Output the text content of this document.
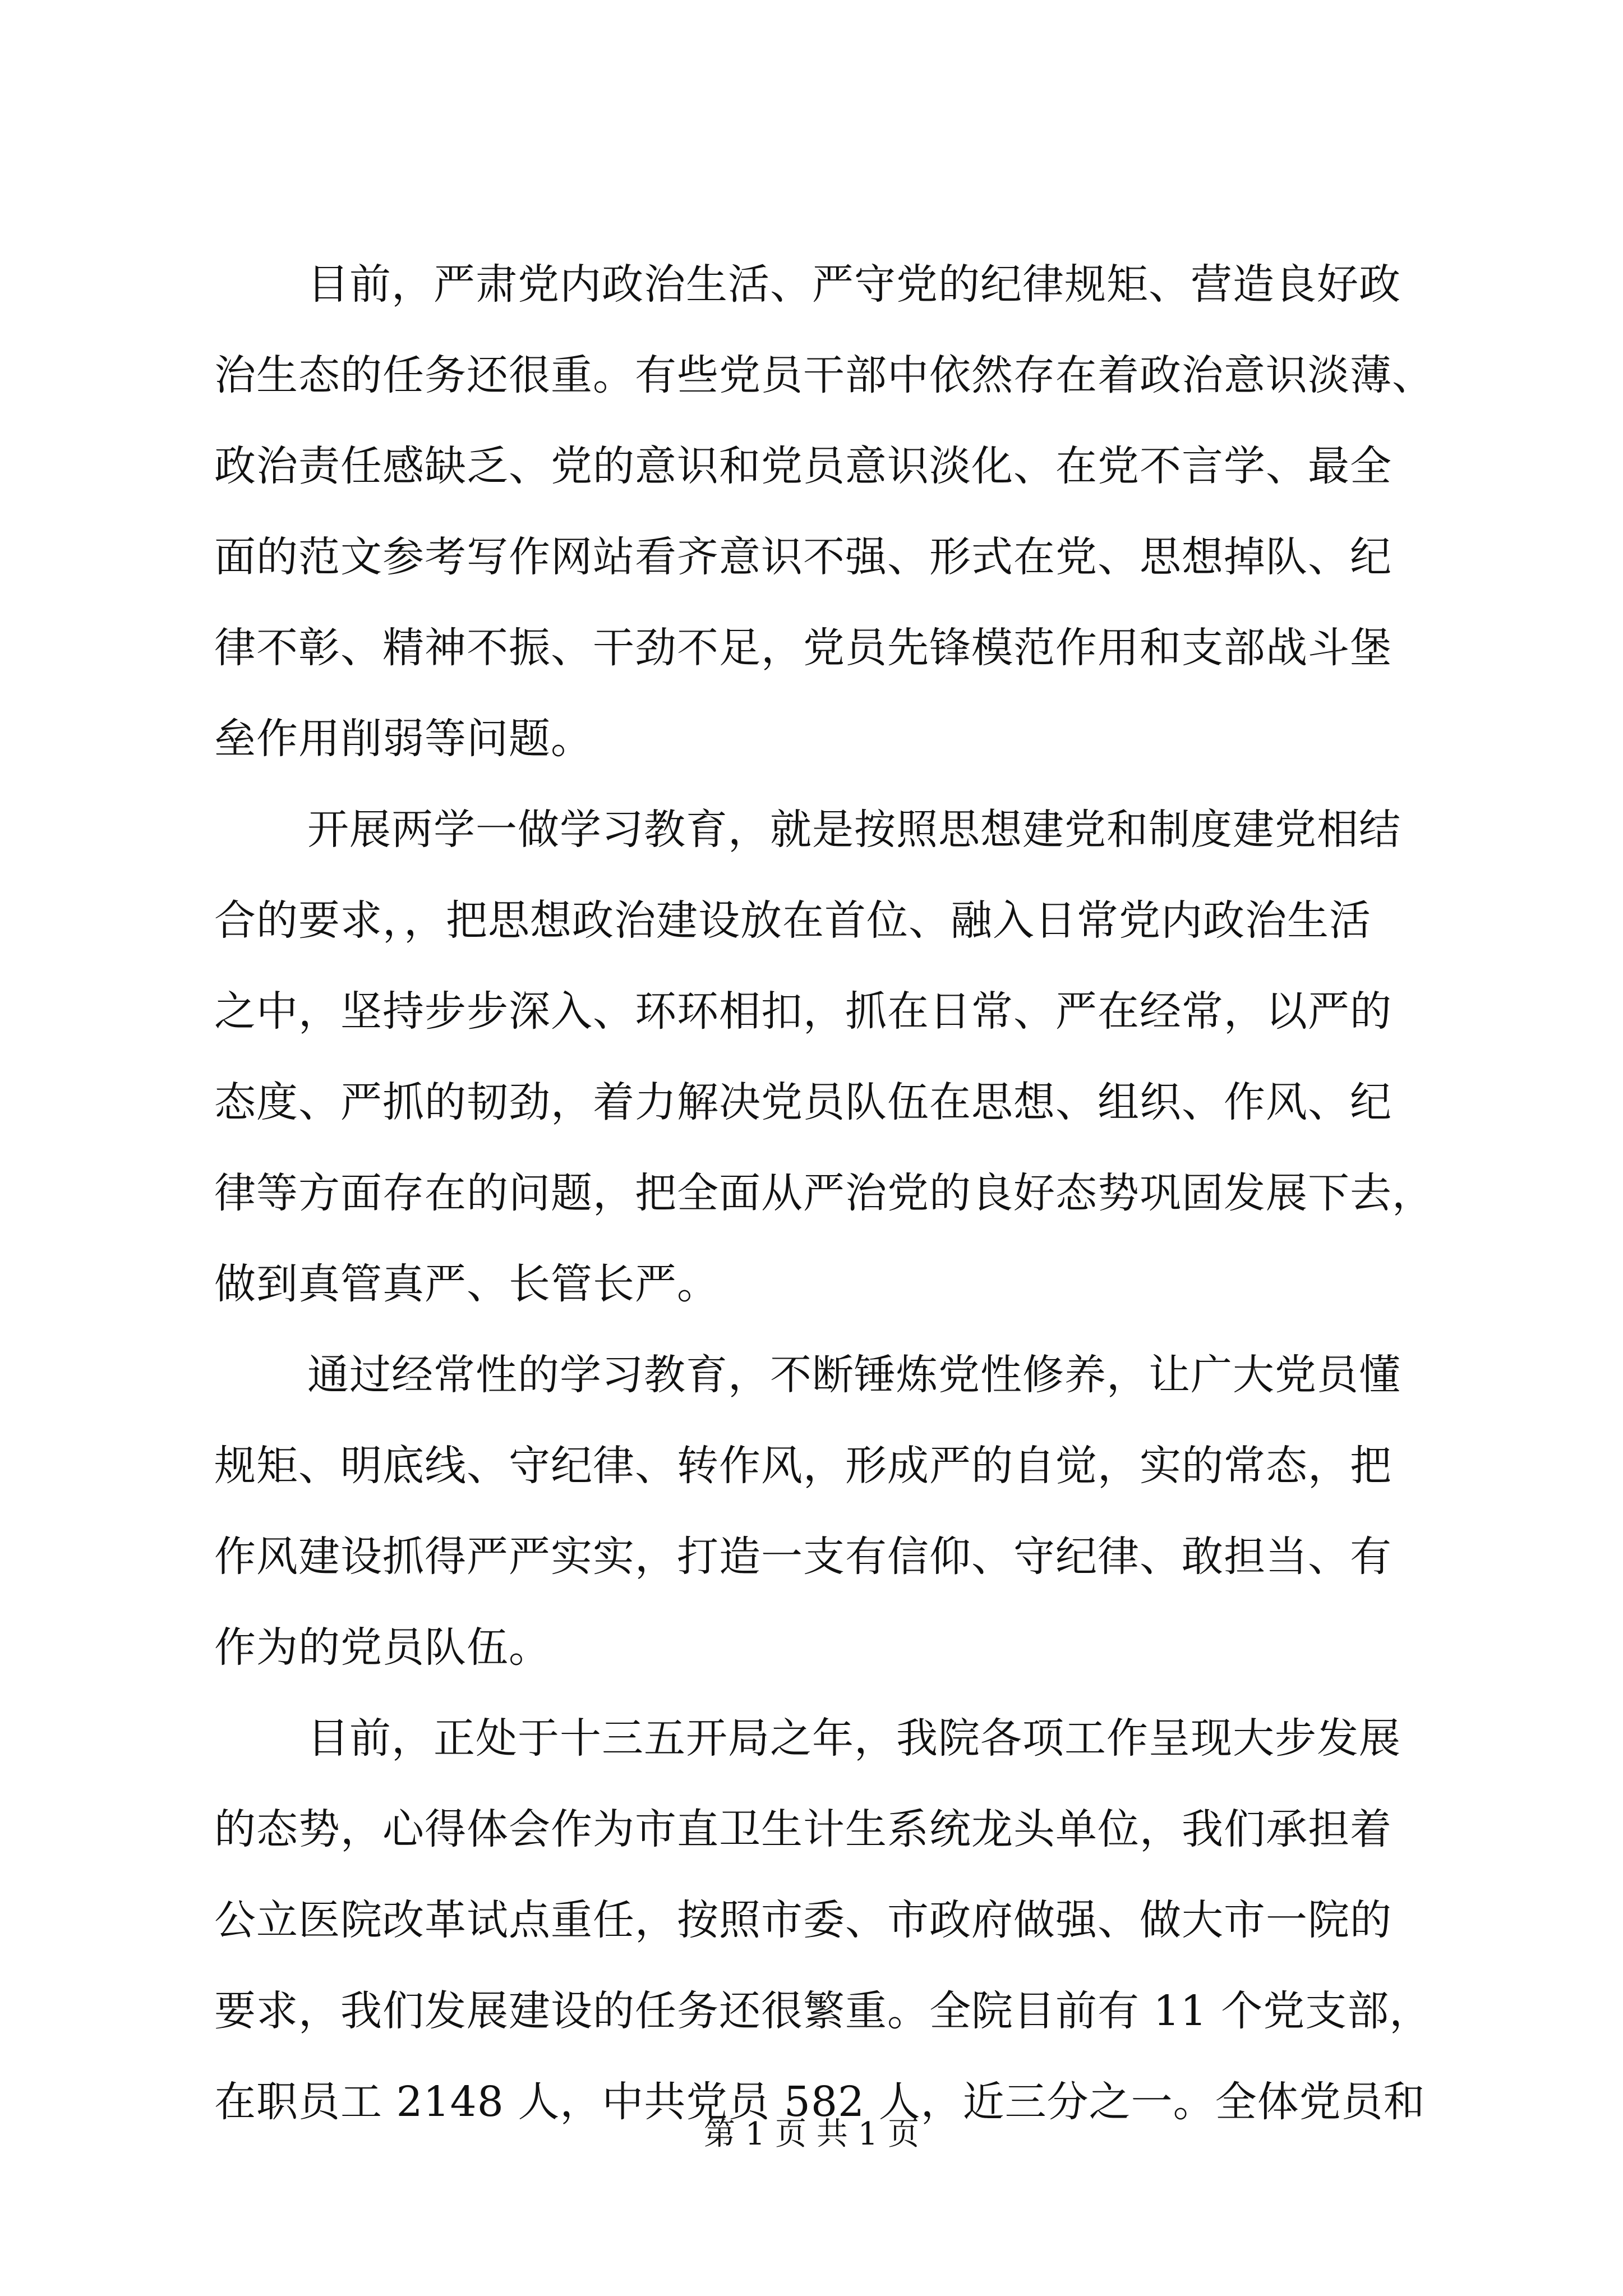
目前，严肃党内政治生活、严守党的纪律规矩、营造良好政
治生态的任务还很重。有些党员干部中依然存在着政治意识淡薄、
政治责任感缺乏、党的意识和党员意识淡化、在党不言学、最全
面的范文参考写作网站看齐意识不强、形式在党、思想掉队、纪
律不彰、精神不振、干劲不足，党员先锋模范作用和支部战斗堡
垒作用削弱等问题。
开展两学一做学习教育，就是按照思想建党和制度建党相结
合的要求，，把思想政治建设放在首位、融入日常党内政治生活
之中，坚持步步深入、环环相扣，抓在日常、严在经常，以严的
态度、严抓的韧劲，着力解决党员队伍在思想、组织、作风、纪
律等方面存在的问题，把全面从严治党的良好态势巩固发展下去，
做到真管真严、长管长严。
通过经常性的学习教育，不断锤炼党性修养，让广大党员懂
规矩、明底线、守纪律、转作风，形成严的自觉，实的常态，把
作风建设抓得严严实实，打造一支有信仰、守纪律、敢担当、有
作为的党员队伍。
目前，正处于十三五开局之年，我院各项工作呈现大步发展
的态势，心得体会作为市直卫生计生系统龙头单位，我们承担着
公立医院改革试点重任，按照市委、市政府做强、做大市一院的
要求，我们发展建设的任务还很繁重。全院目前有 11 个党支部，
在职员工 2148 人，中共党员 582 人，近三分之一。全体党员和
第 1 页 共 1 页
